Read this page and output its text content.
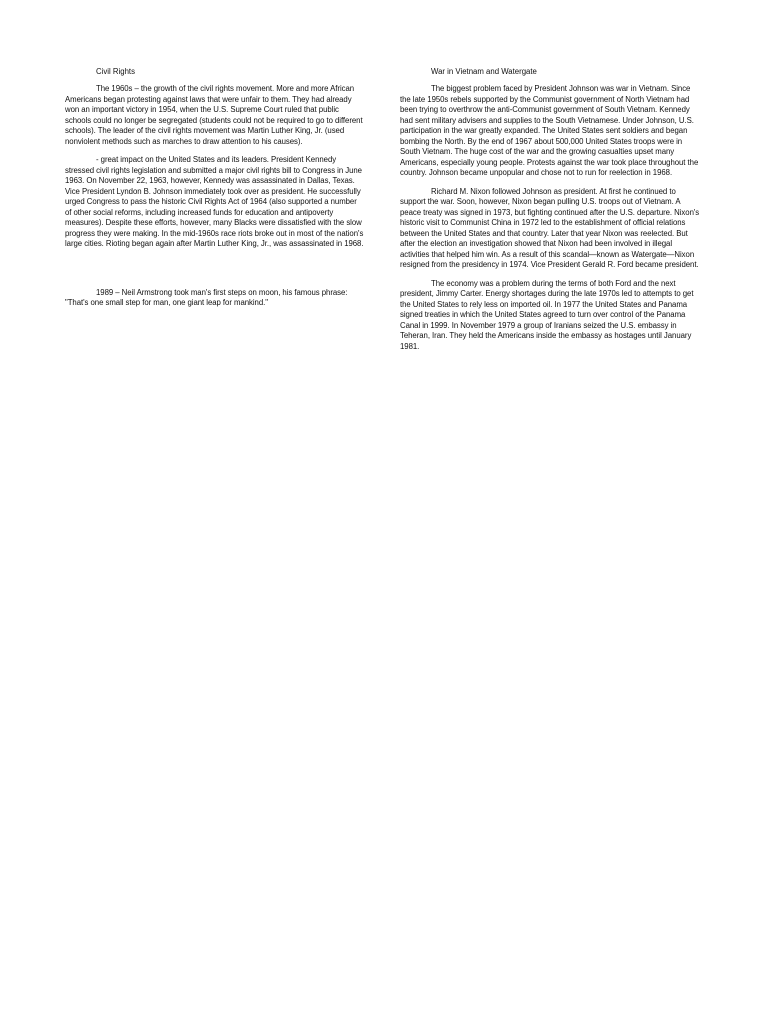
Civil Rights

The 1960s – the growth of the civil rights movement. More and more African Americans began protesting against laws that were unfair to them. They had already won an important victory in 1954, when the U.S. Supreme Court ruled that public schools could no longer be segregated (students could not be required to go to different schools). The leader of the civil rights movement was Martin Luther King, Jr. (used nonviolent methods such as marches to draw attention to his causes).

- great impact on the United States and its leaders. President Kennedy stressed civil rights legislation and submitted a major civil rights bill to Congress in June 1963. On November 22, 1963, however, Kennedy was assassinated in Dallas, Texas. Vice President Lyndon B. Johnson immediately took over as president. He successfully urged Congress to pass the historic Civil Rights Act of 1964 (also supported a number of other social reforms, including increased funds for education and antipoverty measures). Despite these efforts, however, many Blacks were dissatisfied with the slow progress they were making. In the mid-1960s race riots broke out in most of the nation's large cities. Rioting began again after Martin Luther King, Jr., was assassinated in 1968.

1989 – Neil Armstrong took man's first steps on moon, his famous phrase: "That's one small step for man, one giant leap for mankind."

War in Vietnam and Watergate

The biggest problem faced by President Johnson was war in Vietnam. Since the late 1950s rebels supported by the Communist government of North Vietnam had been trying to overthrow the anti-Communist government of South Vietnam. Kennedy had sent military advisers and supplies to the South Vietnamese. Under Johnson, U.S. participation in the war greatly expanded. The United States sent soldiers and began bombing the North. By the end of 1967 about 500,000 United States troops were in South Vietnam. The huge cost of the war and the growing casualties upset many Americans, especially young people. Protests against the war took place throughout the country. Johnson became unpopular and chose not to run for reelection in 1968.

Richard M. Nixon followed Johnson as president. At first he continued to support the war. Soon, however, Nixon began pulling U.S. troops out of Vietnam. A peace treaty was signed in 1973, but fighting continued after the U.S. departure. Nixon's historic visit to Communist China in 1972 led to the establishment of official relations between the United States and that country. Later that year Nixon was reelected. But after the election an investigation showed that Nixon had been involved in illegal activities that helped him win. As a result of this scandal—known as Watergate—Nixon resigned from the presidency in 1974. Vice President Gerald R. Ford became president.

The economy was a problem during the terms of both Ford and the next president, Jimmy Carter. Energy shortages during the late 1970s led to attempts to get the United States to rely less on imported oil. In 1977 the United States and Panama signed treaties in which the United States agreed to turn over control of the Panama Canal in 1999. In November 1979 a group of Iranians seized the U.S. embassy in Teheran, Iran. They held the Americans inside the embassy as hostages until January 1981.
